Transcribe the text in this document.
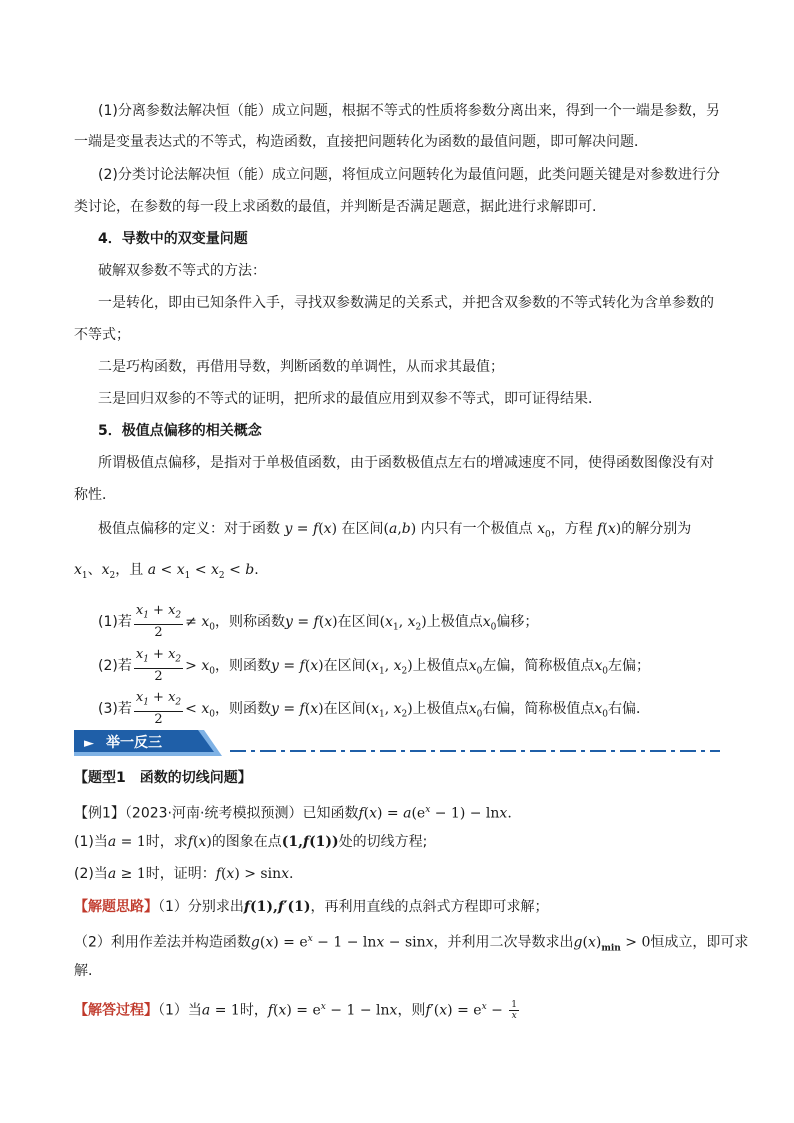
(1)分离参数法解决恒（能）成立问题，根据不等式的性质将参数分离出来，得到一个一端是参数，另
一端是变量表达式的不等式，构造函数，直接把问题转化为函数的最值问题，即可解决问题．
(2)分类讨论法解决恒（能）成立问题，将恒成立问题转化为最值问题，此类问题关键是对参数进行分
类讨论，在参数的每一段上求函数的最值，并判断是否满足题意，据此进行求解即可.
4．导数中的双变量问题
破解双参数不等式的方法：
一是转化，即由已知条件入手，寻找双参数满足的关系式，并把含双参数的不等式转化为含单参数的
不等式；
二是巧构函数，再借用导数，判断函数的单调性，从而求其最值；
三是回归双参的不等式的证明，把所求的最值应用到双参不等式，即可证得结果．
5．极值点偏移的相关概念
所谓极值点偏移，是指对于单极值函数，由于函数极值点左右的增减速度不同，使得函数图像没有对
称性．
极值点偏移的定义：对于函数 y = f(x) 在区间(a,b) 内只有一个极值点 $x_0$，方程 f(x)的解分别为
$x_1$、$x_2$，且 $a < x_1 < x_2 < b$.
(1)若 $\frac{x_1 + x_2}{2} \ne x_0$，则称函数y = f(x)在区间($x_1$, $x_2$)上极值点$x_0$偏移；
(2)若 $\frac{x_1 + x_2}{2} > x_0$，则函数y = f(x)在区间($x_1$, $x_2$)上极值点$x_0$左偏，简称极值点$x_0$左偏；
(3)若 $\frac{x_1 + x_2}{2} < x_0$，则函数y = f(x)在区间($x_1$, $x_2$)上极值点$x_0$右偏，简称极值点$x_0$右偏．
► 举一反三
【题型1　函数的切线问题】
【例1】（2023·河南·统考模拟预测）已知函数$f(x) = a(e^x - 1) - \ln x$.
(1)当a = 1时，求f(x)的图象在点(1,f(1))处的切线方程;
(2)当a ≥ 1时，证明：f(x) > sinx.
【解题思路】（1）分别求出f(1),f′(1)，再利用直线的点斜式方程即可求解；
（2）利用作差法并构造函数$g(x) = e^x - 1 - \ln x - \sin x$，并利用二次导数求出$g(x)_{min} > 0$恒成立，即可求
解.
【解答过程】（1）当a = 1时，$f(x) = e^x - 1 - \ln x$，则$f'(x) = e^x - \frac{1}{x}$
